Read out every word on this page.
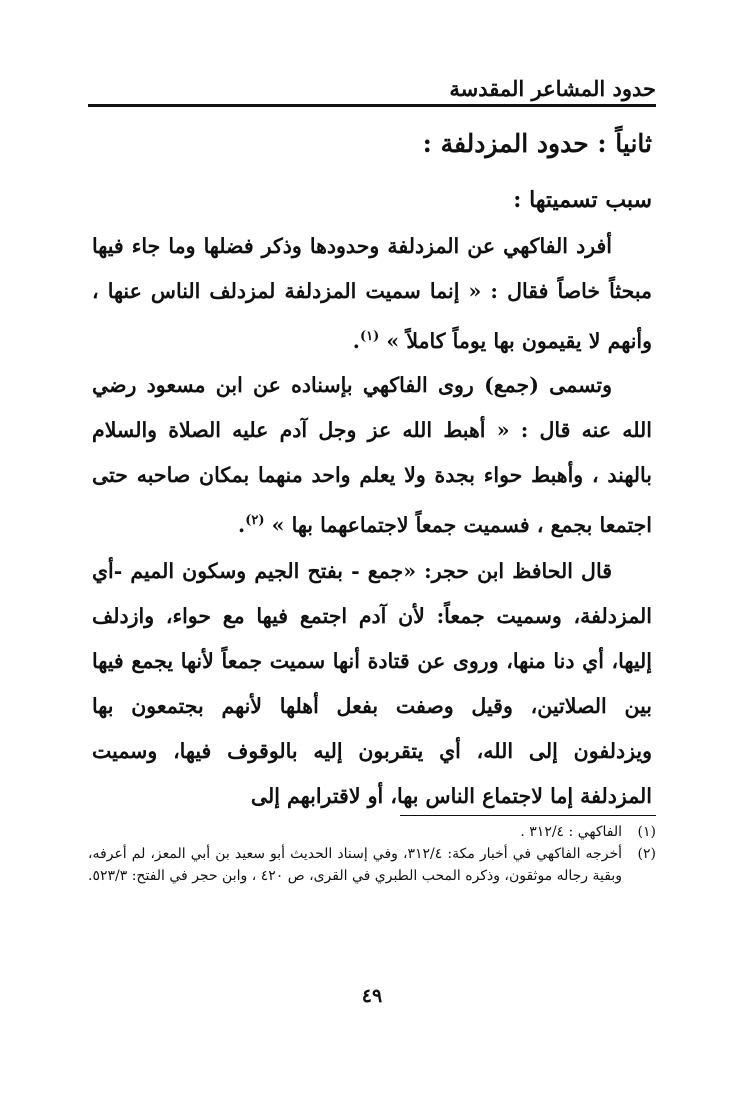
حدود المشاعر المقدسة
ثانياً : حدود المزدلفة :
سبب تسميتها :

أفرد الفاكهي عن المزدلفة وحدودها وذكر فضلها وما جاء فيها مبحثاً خاصاً فقال : « إنما سميت المزدلفة لمزدلف الناس عنها ، وأنهم لا يقيمون بها يوماً كاملاً » $^{(١)}$.

وتسمى (جمع) روى الفاكهي بإسناده عن ابن مسعود رضي الله عنه قال : « أهبط الله عز وجل آدم عليه الصلاة والسلام بالهند ، وأهبط حواء بجدة ولا يعلم واحد منهما بمكان صاحبه حتى اجتمعا بجمع ، فسميت جمعاً لاجتماعهما بها » $^{(٢)}$.

قال الحافظ ابن حجر: «جمع - بفتح الجيم وسكون الميم -أي المزدلفة، وسميت جمعاً: لأن آدم اجتمع فيها مع حواء، وازدلف إليها، أي دنا منها، وروى عن قتادة أنها سميت جمعاً لأنها يجمع فيها بين الصلاتين، وقيل وصفت بفعل أهلها لأنهم بجتمعون بها ويزدلفون إلى الله، أي يتقربون إليه بالوقوف فيها، وسميت المزدلفة إما لاجتماع الناس بها، أو لاقترابهم إلى

(١)
الفاكهي : ٣١٢/٤ .
(٢)
أخرجه الفاكهي في أخبار مكة: ٣١٢/٤، وفي إسناد الحديث أبو سعيد بن أبي المعز، لم أعرفه، وبقية رجاله موثقون، وذكره المحب الطبري في القرى، ص ٤٢٠ ، وابن حجر في الفتح: ٥٢٣/٣.
٤٩
